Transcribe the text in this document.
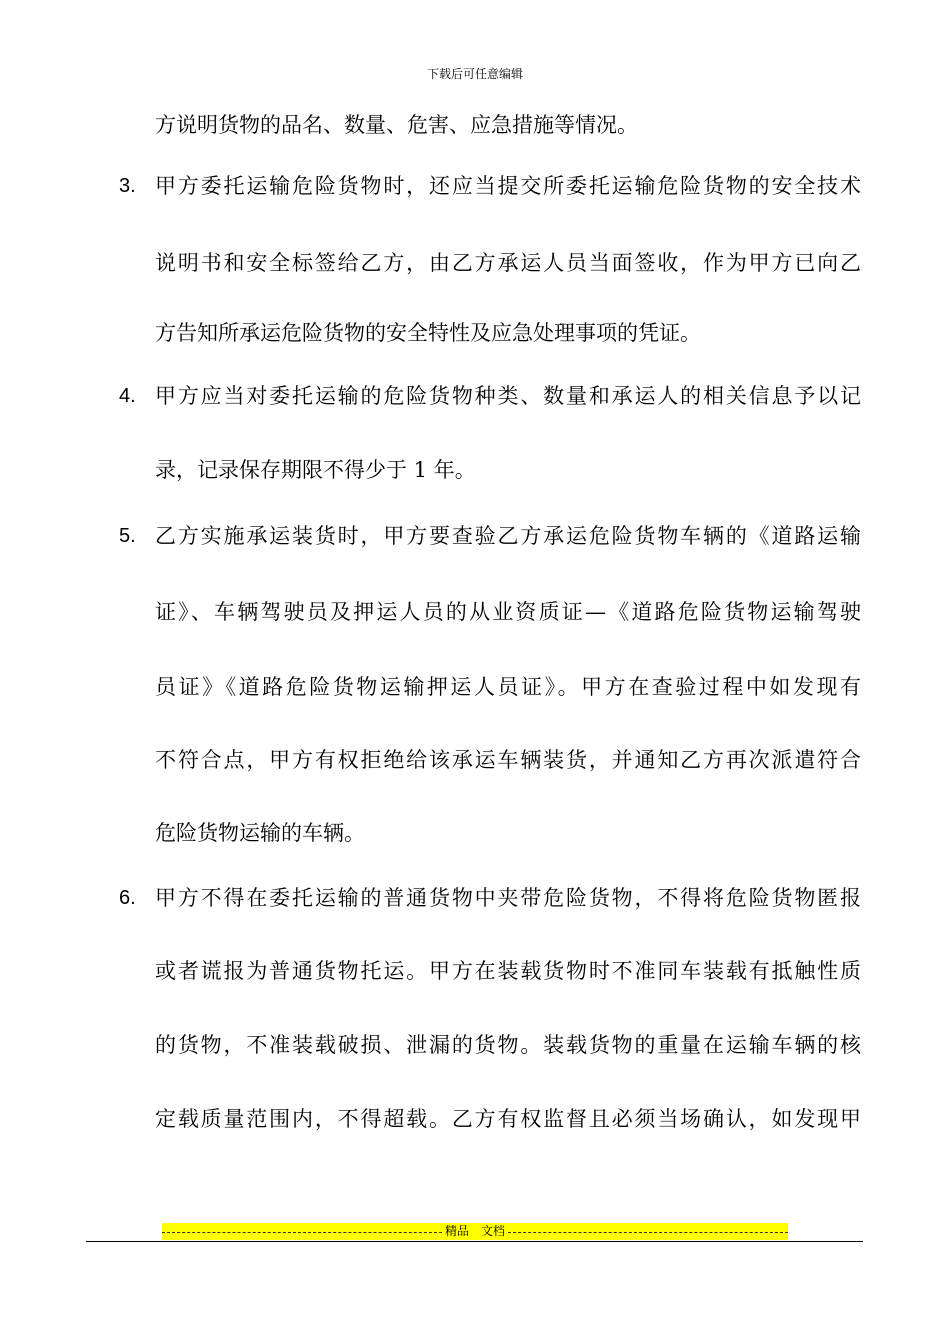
下载后可任意编辑
方说明货物的品名、数量、危害、应急措施等情况。
3. 甲方委托运输危险货物时，还应当提交所委托运输危险货物的安全技术
说明书和安全标签给乙方，由乙方承运人员当面签收，作为甲方已向乙
方告知所承运危险货物的安全特性及应急处理事项的凭证。
4. 甲方应当对委托运输的危险货物种类、数量和承运人的相关信息予以记
录，记录保存期限不得少于 1 年。
5. 乙方实施承运装货时，甲方要查验乙方承运危险货物车辆的《道路运输
证》、车辆驾驶员及押运人员的从业资质证—《道路危险货物运输驾驶
员证》《道路危险货物运输押运人员证》。甲方在查验过程中如发现有
不符合点，甲方有权拒绝给该承运车辆装货，并通知乙方再次派遣符合
危险货物运输的车辆。
6. 甲方不得在委托运输的普通货物中夹带危险货物，不得将危险货物匿报
或者谎报为普通货物托运。甲方在装载货物时不准同车装载有抵触性质
的货物，不准装载破损、泄漏的货物。装载货物的重量在运输车辆的核
定载质量范围内，不得超载。乙方有权监督且必须当场确认，如发现甲
精品　文档
